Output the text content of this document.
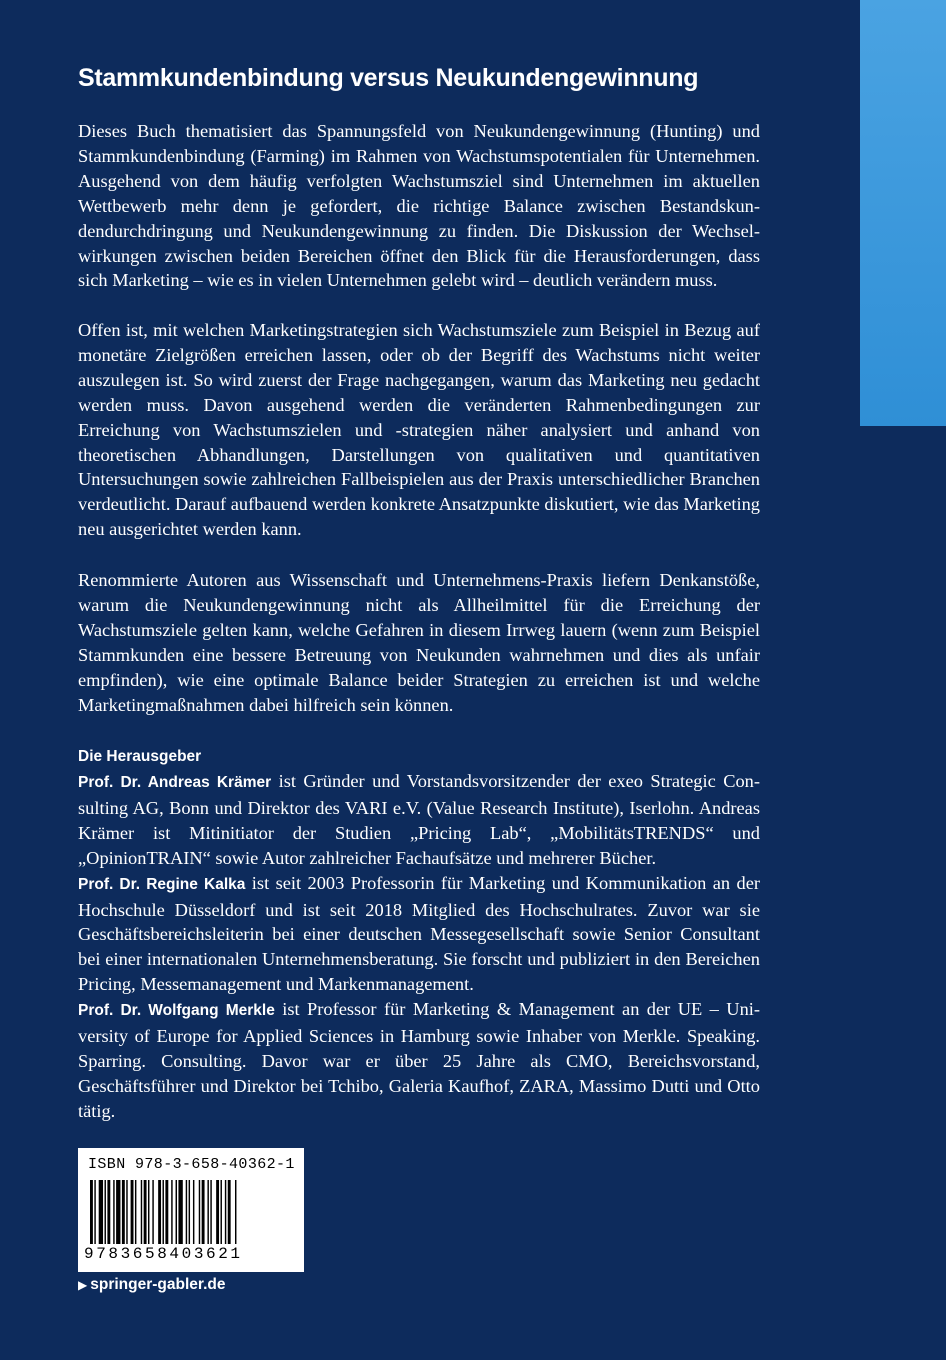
Stammkundenbindung versus Neukundengewinnung

Dieses Buch thematisiert das Spannungsfeld von Neukundengewinnung (Hunting) und Stammkundenbindung (Farming) im Rahmen von Wachstumspotentialen für Unternehmen. Ausgehend von dem häufig verfolgten Wachstumsziel sind Unternehmen im aktuellen Wettbewerb mehr denn je gefordert, die richtige Balance zwischen Bestandskundendurchdringung und Neukundengewinnung zu finden. Die Diskussion der Wechselwirkungen zwischen beiden Bereichen öffnet den Blick für die Herausforderungen, dass sich Marketing – wie es in vielen Unternehmen gelebt wird – deutlich verändern muss.

Offen ist, mit welchen Marketingstrategien sich Wachstumsziele zum Beispiel in Bezug auf monetäre Zielgrößen erreichen lassen, oder ob der Begriff des Wachstums nicht weiter auszulegen ist. So wird zuerst der Frage nachgegangen, warum das Marketing neu gedacht werden muss. Davon ausgehend werden die veränderten Rahmenbedingungen zur Erreichung von Wachstumszielen und -strategien näher analysiert und anhand von theoretischen Abhandlungen, Darstellungen von qualitativen und quantitativen Untersuchungen sowie zahlreichen Fallbeispielen aus der Praxis unterschiedlicher Branchen verdeutlicht. Darauf aufbauend werden konkrete Ansatzpunkte diskutiert, wie das Marketing neu ausgerichtet werden kann.

Renommierte Autoren aus Wissenschaft und Unternehmens-Praxis liefern Denkanstöße, warum die Neukundengewinnung nicht als Allheilmittel für die Erreichung der Wachstumsziele gelten kann, welche Gefahren in diesem Irrweg lauern (wenn zum Beispiel Stammkunden eine bessere Betreuung von Neukunden wahrnehmen und dies als unfair empfinden), wie eine optimale Balance beider Strategien zu erreichen ist und welche Marketingmaßnahmen dabei hilfreich sein können.

Die Herausgeber

Prof. Dr. Andreas Krämer ist Gründer und Vorstandsvorsitzender der exeo Strategic Consulting AG, Bonn und Direktor des VARI e.V. (Value Research Institute), Iserlohn. Andreas Krämer ist Mitinitiator der Studien „Pricing Lab“, „MobilitätsTRENDS“ und „OpinionTRAIN“ sowie Autor zahlreicher Fachaufsätze und mehrerer Bücher.

Prof. Dr. Regine Kalka ist seit 2003 Professorin für Marketing und Kommunikation an der Hochschule Düsseldorf und ist seit 2018 Mitglied des Hochschulrates. Zuvor war sie Geschäftsbereichsleiterin bei einer deutschen Messegesellschaft sowie Senior Consultant bei einer internationalen Unternehmensberatung. Sie forscht und publiziert in den Bereichen Pricing, Messemanagement und Markenmanagement.

Prof. Dr. Wolfgang Merkle ist Professor für Marketing & Management an der UE – University of Europe for Applied Sciences in Hamburg sowie Inhaber von Merkle. Speaking. Sparring. Consulting. Davor war er über 25 Jahre als CMO, Bereichsvorstand, Geschäftsführer und Direktor bei Tchibo, Galeria Kaufhof, ZARA, Massimo Dutti und Otto tätig.

ISBN 978-3-658-40362-1
9783658403621

▶ springer-gabler.de
